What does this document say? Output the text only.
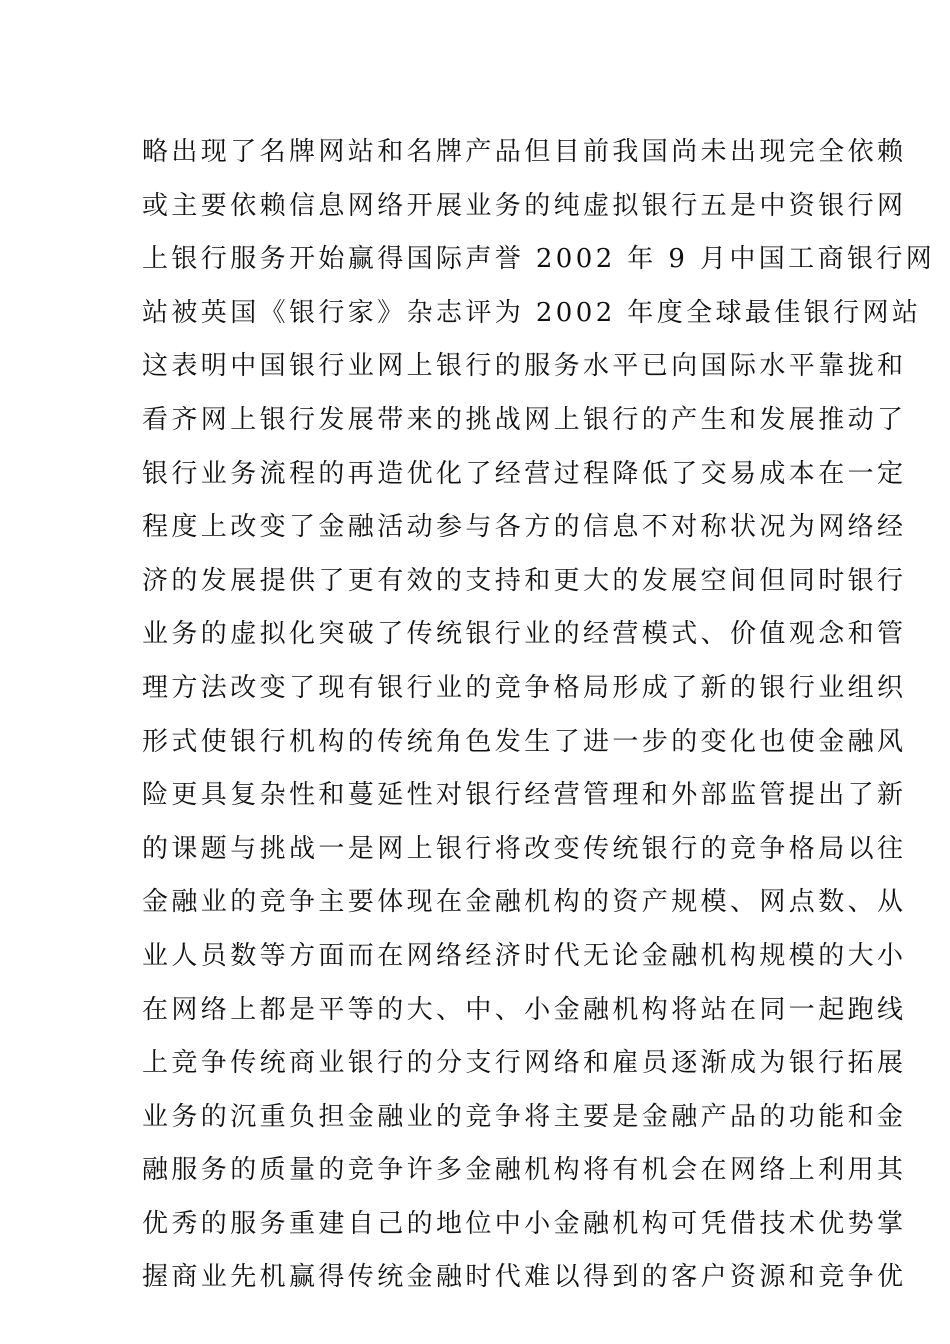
略出现了名牌网站和名牌产品但目前我国尚未出现完全依赖
或主要依赖信息网络开展业务的纯虚拟银行五是中资银行网
上银行服务开始赢得国际声誉 2002 年 9 月中国工商银行网
站被英国《银行家》杂志评为 2002 年度全球最佳银行网站
这表明中国银行业网上银行的服务水平已向国际水平靠拢和
看齐网上银行发展带来的挑战网上银行的产生和发展推动了
银行业务流程的再造优化了经营过程降低了交易成本在一定
程度上改变了金融活动参与各方的信息不对称状况为网络经
济的发展提供了更有效的支持和更大的发展空间但同时银行
业务的虚拟化突破了传统银行业的经营模式、价值观念和管
理方法改变了现有银行业的竞争格局形成了新的银行业组织
形式使银行机构的传统角色发生了进一步的变化也使金融风
险更具复杂性和蔓延性对银行经营管理和外部监管提出了新
的课题与挑战一是网上银行将改变传统银行的竞争格局以往
金融业的竞争主要体现在金融机构的资产规模、网点数、从
业人员数等方面而在网络经济时代无论金融机构规模的大小
在网络上都是平等的大、中、小金融机构将站在同一起跑线
上竞争传统商业银行的分支行网络和雇员逐渐成为银行拓展
业务的沉重负担金融业的竞争将主要是金融产品的功能和金
融服务的质量的竞争许多金融机构将有机会在网络上利用其
优秀的服务重建自己的地位中小金融机构可凭借技术优势掌
握商业先机赢得传统金融时代难以得到的客户资源和竞争优
